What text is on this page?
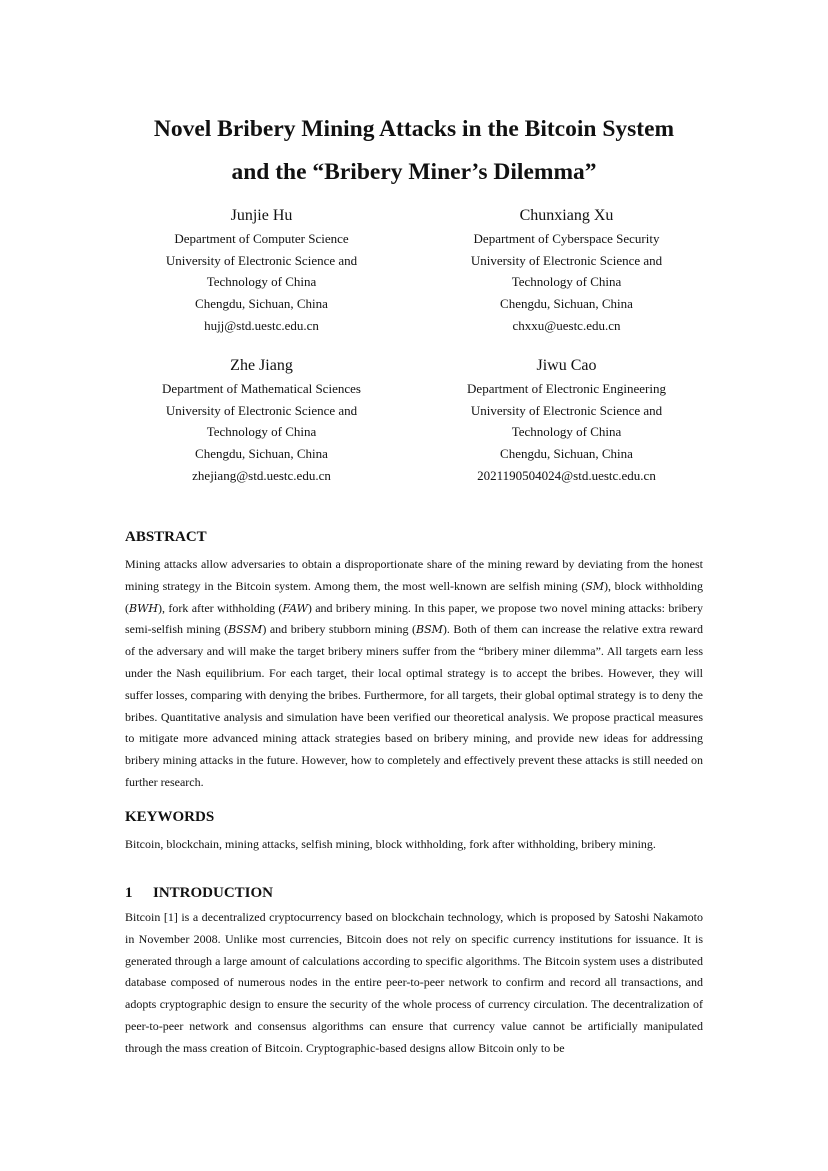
Novel Bribery Mining Attacks in the Bitcoin System
and the “Bribery Miner’s Dilemma”
Junjie Hu
Department of Computer Science
University of Electronic Science and
Technology of China
Chengdu, Sichuan, China
hujj@std.uestc.edu.cn
Chunxiang Xu
Department of Cyberspace Security
University of Electronic Science and
Technology of China
Chengdu, Sichuan, China
chxxu@uestc.edu.cn
Zhe Jiang
Department of Mathematical Sciences
University of Electronic Science and
Technology of China
Chengdu, Sichuan, China
zhejiang@std.uestc.edu.cn
Jiwu Cao
Department of Electronic Engineering
University of Electronic Science and
Technology of China
Chengdu, Sichuan, China
2021190504024@std.uestc.edu.cn
ABSTRACT

Mining attacks allow adversaries to obtain a disproportionate share of the mining reward by deviating from the honest mining strategy in the Bitcoin system. Among them, the most well-known are selfish mining (SM), block withholding (BWH), fork after withholding (FAW) and bribery mining. In this paper, we propose two novel mining attacks: bribery semi-selfish mining (BSSM) and bribery stubborn mining (BSM). Both of them can increase the relative extra reward of the adversary and will make the target bribery miners suffer from the “bribery miner dilemma”. All targets earn less under the Nash equilibrium. For each target, their local optimal strategy is to accept the bribes. However, they will suffer losses, comparing with denying the bribes. Furthermore, for all targets, their global optimal strategy is to deny the bribes. Quantitative analysis and simulation have been verified our theoretical analysis. We propose practical measures to mitigate more advanced mining attack strategies based on bribery mining, and provide new ideas for addressing bribery mining attacks in the future. However, how to completely and effectively prevent these attacks is still needed on further research.

KEYWORDS

Bitcoin, blockchain, mining attacks, selfish mining, block withholding, fork after withholding, bribery mining.

1 INTRODUCTION

Bitcoin [1] is a decentralized cryptocurrency based on blockchain technology, which is proposed by Satoshi Nakamoto in November 2008. Unlike most currencies, Bitcoin does not rely on specific currency institutions for issuance. It is generated through a large amount of calculations according to specific algorithms. The Bitcoin system uses a distributed database composed of numerous nodes in the entire peer-to-peer network to confirm and record all transactions, and adopts cryptographic design to ensure the security of the whole process of currency circulation. The decentralization of peer-to-peer network and consensus algorithms can ensure that currency value cannot be artificially manipulated through the mass creation of Bitcoin. Cryptographic-based designs allow Bitcoin only to be
